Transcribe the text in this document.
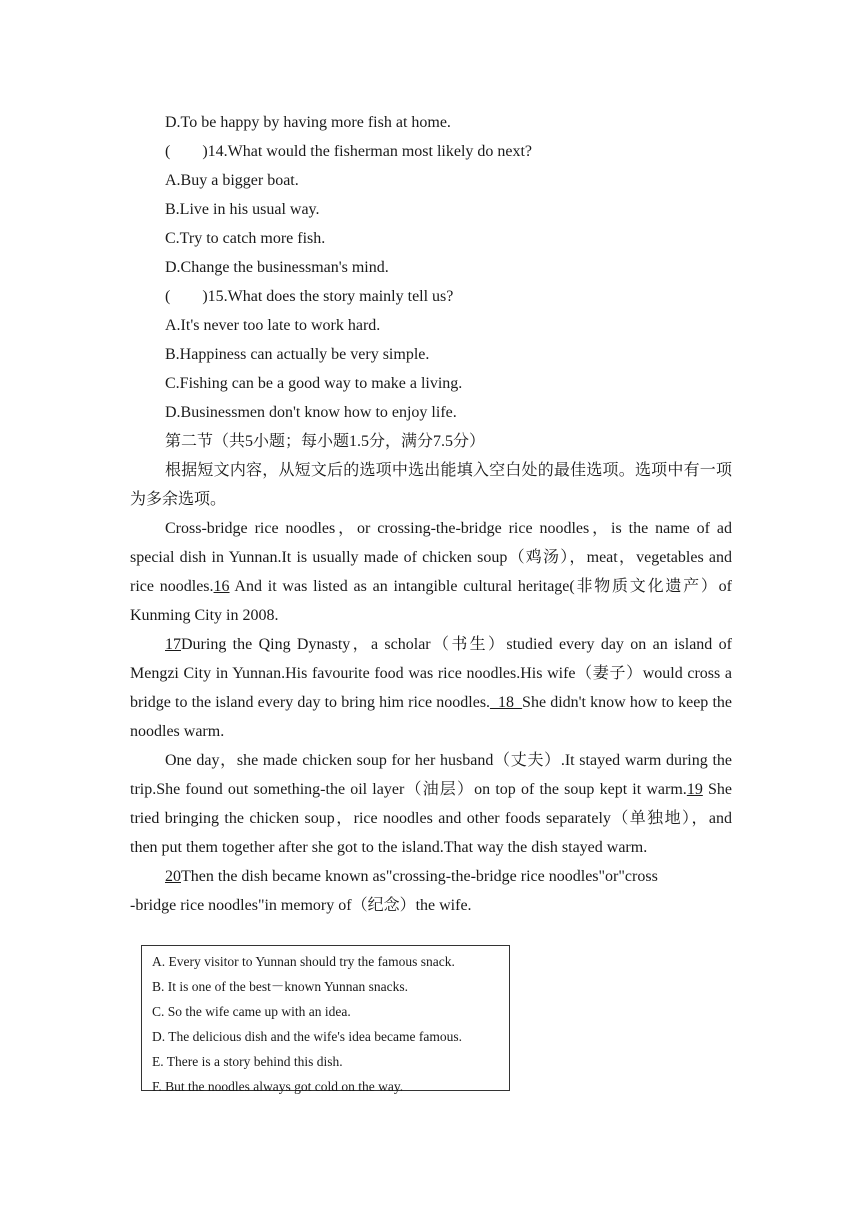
D.To be happy by having more fish at home.
(　　)14.What would the fisherman most likely do next?
A.Buy a bigger boat.
B.Live in his usual way.
C.Try to catch more fish.
D.Change the businessman's mind.
(　　)15.What does the story mainly tell us?
A.It's never too late to work hard.
B.Happiness can actually be very simple.
C.Fishing can be a good way to make a living.
D.Businessmen don't know how to enjoy life.
第二节（共5小题；每小题1.5分，满分7.5分）

根据短文内容，从短文后的选项中选出能填入空白处的最佳选项。选项中有一项为多余选项。

Cross-bridge rice noodles，or crossing-the-bridge rice noodles，is the name of ad special dish in Yunnan.It is usually made of chicken soup（鸡汤），meat，vegetables and rice noodles.16 And it was listed as an intangible cultural heritage(非物质文化遗产）of Kunming City in 2008.

17During the Qing Dynasty，a scholar（书生）studied every day on an island of Mengzi City in Yunnan.His favourite food was rice noodles.His wife（妻子）would cross a bridge to the island every day to bring him rice noodles._18_She didn't know how to keep the noodles warm.

One day，she made chicken soup for her husband（丈夫）.It stayed warm during the trip.She found out something-the oil layer（油层）on top of the soup kept it warm.19 She tried bringing the chicken soup，rice noodles and other foods separately（单独地），and then put them together after she got to the island.That way the dish stayed warm.

20Then the dish became known as"crossing-the-bridge rice noodles"or"cross
-bridge rice noodles"in memory of（纪念）the wife.
A. Every visitor to Yunnan should try the famous snack.
B. It is one of the best－known Yunnan snacks.
C. So the wife came up with an idea.
D. The delicious dish and the wife's idea became famous.
E. There is a story behind this dish.
F. But the noodles always got cold on the way.
